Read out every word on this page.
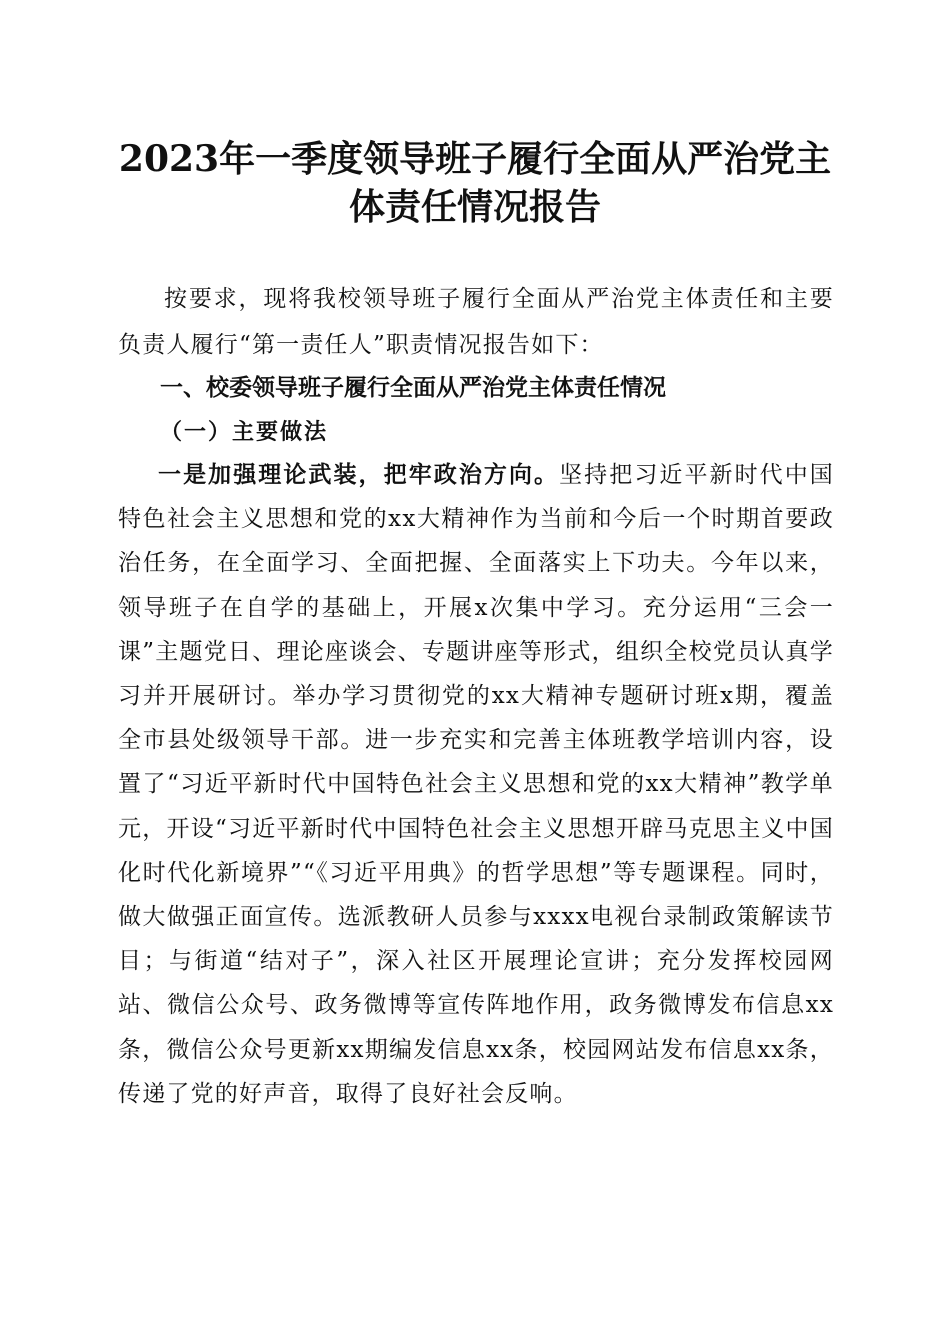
2023年一季度领导班子履行全面从严治党主
体责任情况报告

按要求，现将我校领导班子履行全面从严治党主体责任和主要负责人履行“第一责任人”职责情况报告如下：

一、校委领导班子履行全面从严治党主体责任情况
（一）主要做法

一是加强理论武装，把牢政治方向。坚持把习近平新时代中国特色社会主义思想和党的xx大精神作为当前和今后一个时期首要政治任务，在全面学习、全面把握、全面落实上下功夫。今年以来，领导班子在自学的基础上，开展x次集中学习。充分运用“三会一课”主题党日、理论座谈会、专题讲座等形式，组织全校党员认真学习并开展研讨。举办学习贯彻党的xx大精神专题研讨班x期，覆盖全市县处级领导干部。进一步充实和完善主体班教学培训内容，设置了“习近平新时代中国特色社会主义思想和党的xx大精神”教学单元，开设“习近平新时代中国特色社会主义思想开辟马克思主义中国化时代化新境界”“《习近平用典》的哲学思想”等专题课程。同时，做大做强正面宣传。选派教研人员参与xxxx电视台录制政策解读节目；与街道“结对子”，深入社区开展理论宣讲；充分发挥校园网站、微信公众号、政务微博等宣传阵地作用，政务微博发布信息xx条，微信公众号更新xx期编发信息xx条，校园网站发布信息xx条，传递了党的好声音，取得了良好社会反响。
